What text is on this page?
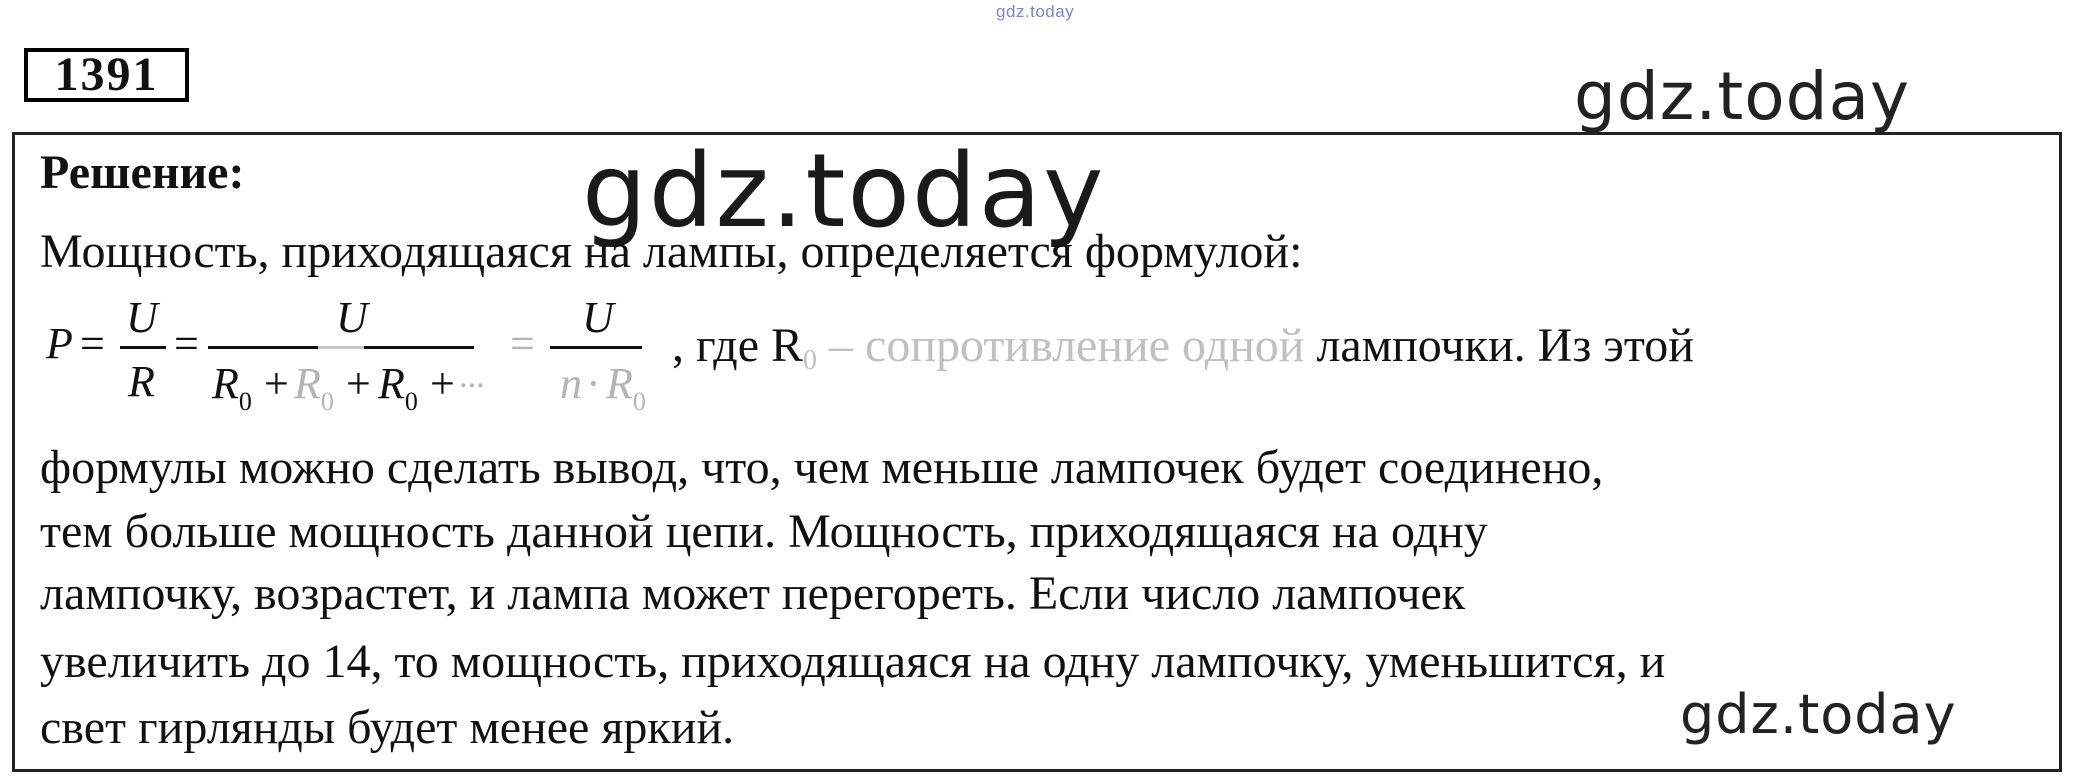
gdz.today
1391	gdz.today
Решение:	gdz.today
Мощность, приходящаяся на лампы, определяется формулой:
P =
U
R
=
U
$R_0 + R_0 + R_0$ + ...
=
U
$n \cdot R_0$
, где R0 – сопротивление одной лампочки. Из этой
формулы можно сделать вывод, что, чем меньше лампочек будет соединено,
тем больше мощность данной цепи. Мощность, приходящаяся на одну
лампочку, возрастет, и лампа может перегореть. Если число лампочек
увеличить до 14, то мощность, приходящаяся на одну лампочку, уменьшится, и
свет гирлянды будет менее яркий.	gdz.today
